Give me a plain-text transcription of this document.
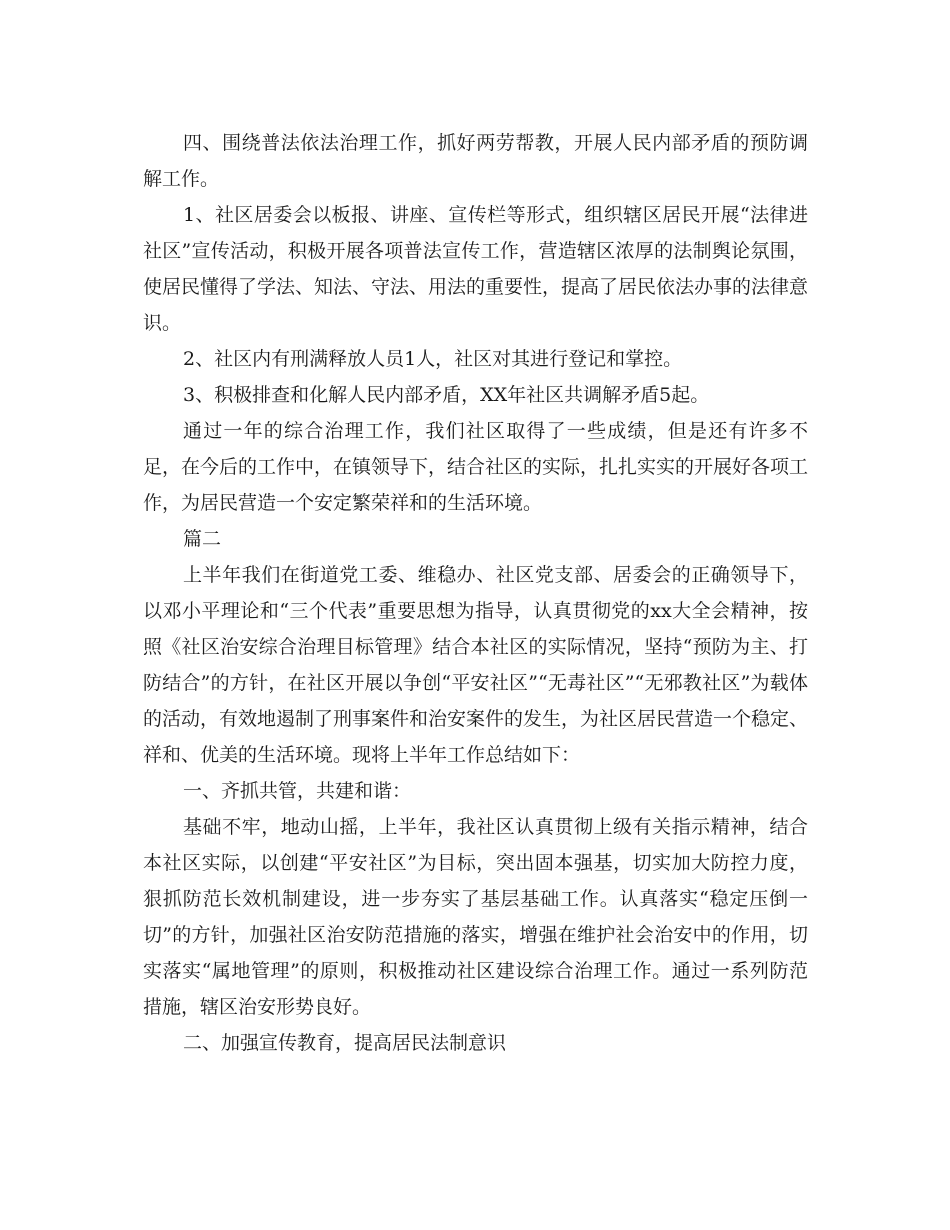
四、围绕普法依法治理工作，抓好两劳帮教，开展人民内部矛盾的预防调解工作。

1、社区居委会以板报、讲座、宣传栏等形式，组织辖区居民开展“法律进社区”宣传活动，积极开展各项普法宣传工作，营造辖区浓厚的法制舆论氛围，使居民懂得了学法、知法、守法、用法的重要性，提高了居民依法办事的法律意识。

2、社区内有刑满释放人员1人，社区对其进行登记和掌控。

3、积极排查和化解人民内部矛盾，XX年社区共调解矛盾5起。

通过一年的综合治理工作，我们社区取得了一些成绩，但是还有许多不足，在今后的工作中，在镇领导下，结合社区的实际，扎扎实实的开展好各项工作，为居民营造一个安定繁荣祥和的生活环境。

篇二

上半年我们在街道党工委、维稳办、社区党支部、居委会的正确领导下，以邓小平理论和“三个代表”重要思想为指导，认真贯彻党的xx大全会精神，按照《社区治安综合治理目标管理》结合本社区的实际情况，坚持“预防为主、打防结合”的方针，在社区开展以争创“平安社区”“无毒社区”“无邪教社区”为载体的活动，有效地遏制了刑事案件和治安案件的发生，为社区居民营造一个稳定、祥和、优美的生活环境。现将上半年工作总结如下：

一、齐抓共管，共建和谐：

基础不牢，地动山摇，上半年，我社区认真贯彻上级有关指示精神，结合本社区实际，以创建“平安社区”为目标，突出固本强基，切实加大防控力度，狠抓防范长效机制建设，进一步夯实了基层基础工作。认真落实“稳定压倒一切”的方针，加强社区治安防范措施的落实，增强在维护社会治安中的作用，切实落实“属地管理”的原则，积极推动社区建设综合治理工作。通过一系列防范措施，辖区治安形势良好。

二、加强宣传教育，提高居民法制意识
